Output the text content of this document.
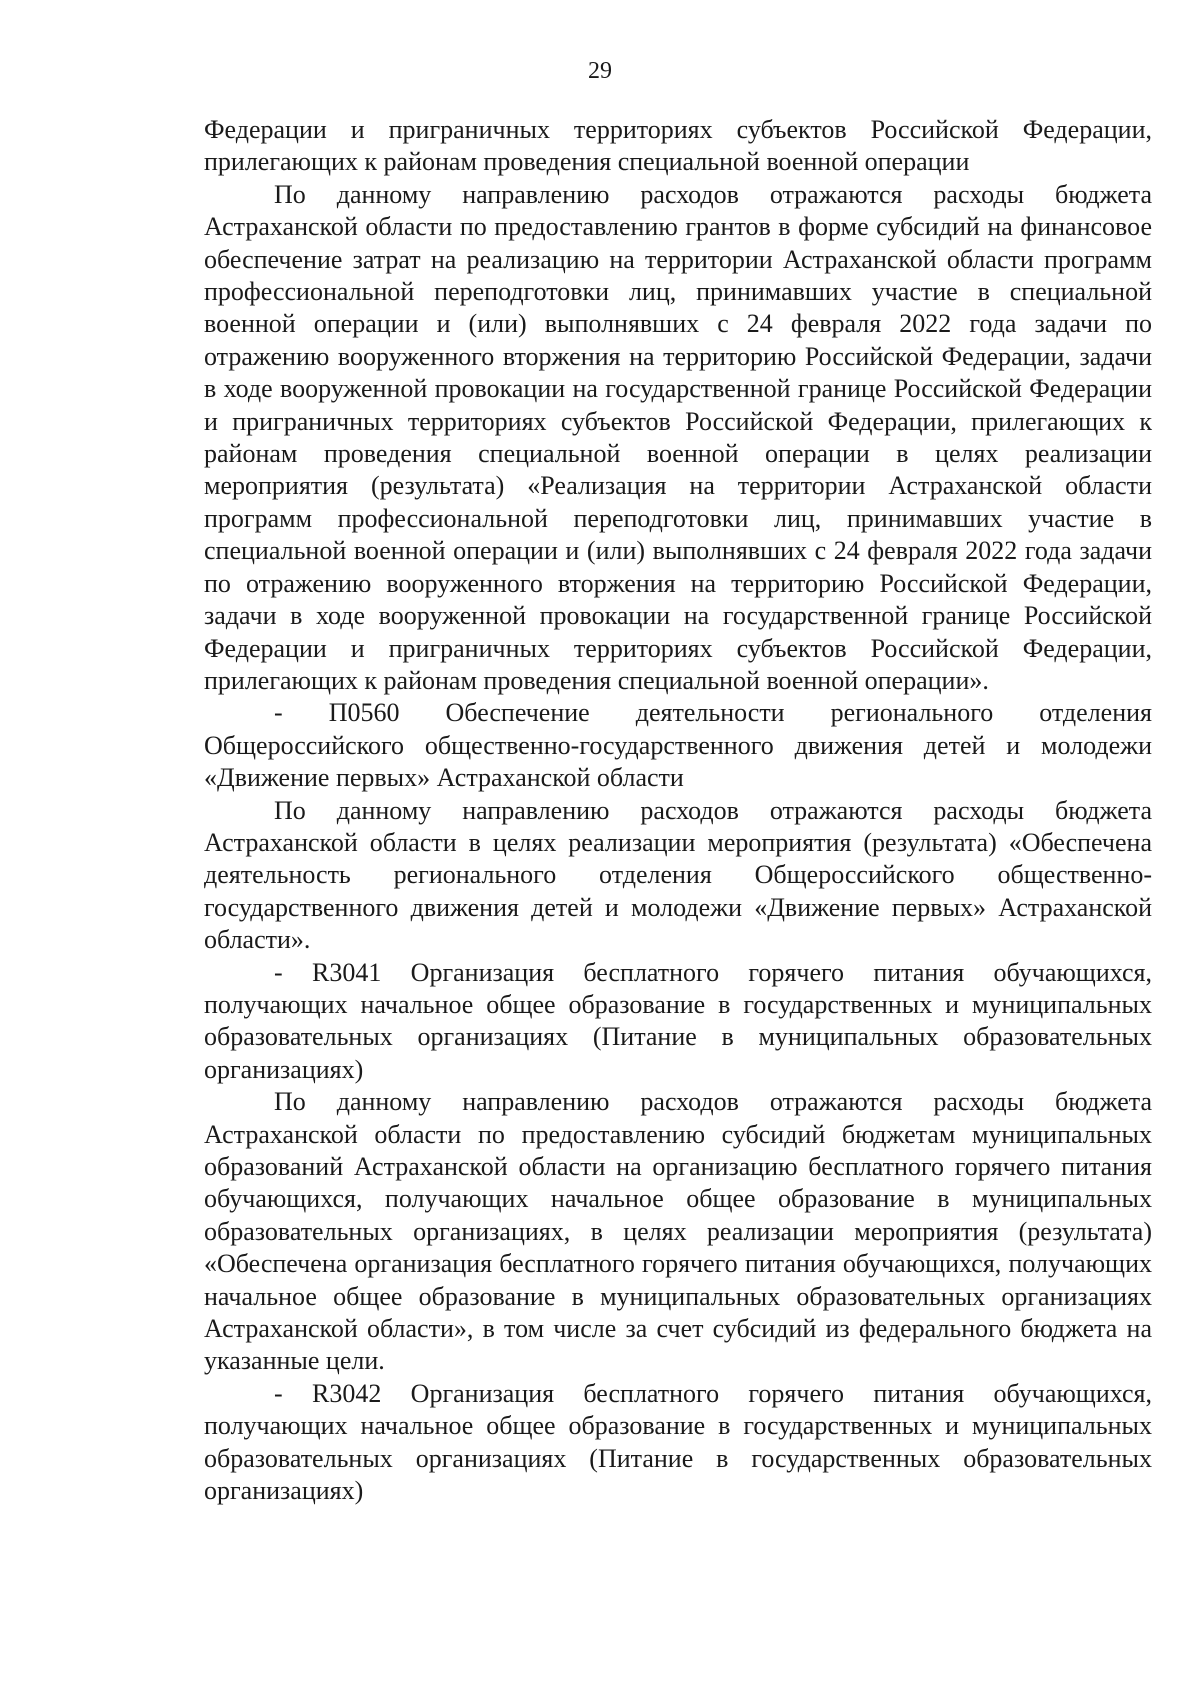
29

Федерации и приграничных территориях субъектов Российской Федерации, прилегающих к районам проведения специальной военной операции

По данному направлению расходов отражаются расходы бюджета Астраханской области по предоставлению грантов в форме субсидий на финансовое обеспечение затрат на реализацию на территории Астраханской области программ профессиональной переподготовки лиц, принимавших участие в специальной военной операции и (или) выполнявших с 24 февраля 2022 года задачи по отражению вооруженного вторжения на территорию Российской Федерации, задачи в ходе вооруженной провокации на государственной границе Российской Федерации и приграничных территориях субъектов Российской Федерации, прилегающих к районам проведения специальной военной операции в целях реализации мероприятия (результата) «Реализация на территории Астраханской области программ профессиональной переподготовки лиц, принимавших участие в специальной военной операции и (или) выполнявших с 24 февраля 2022 года задачи по отражению вооруженного вторжения на территорию Российской Федерации, задачи в ходе вооруженной провокации на государственной границе Российской Федерации и приграничных территориях субъектов Российской Федерации, прилегающих к районам проведения специальной военной операции».

- П0560 Обеспечение деятельности регионального отделения Общероссийского общественно-государственного движения детей и молодежи «Движение первых» Астраханской области

По данному направлению расходов отражаются расходы бюджета Астраханской области в целях реализации мероприятия (результата) «Обеспечена деятельность регионального отделения Общероссийского общественно-государственного движения детей и молодежи «Движение первых» Астраханской области».

- R3041 Организация бесплатного горячего питания обучающихся, получающих начальное общее образование в государственных и муниципальных образовательных организациях (Питание в муниципальных образовательных организациях)

По данному направлению расходов отражаются расходы бюджета Астраханской области по предоставлению субсидий бюджетам муниципальных образований Астраханской области на организацию бесплатного горячего питания обучающихся, получающих начальное общее образование в муниципальных образовательных организациях, в целях реализации мероприятия (результата) «Обеспечена организация бесплатного горячего питания обучающихся, получающих начальное общее образование в муниципальных образовательных организациях Астраханской области», в том числе за счет субсидий из федерального бюджета на указанные цели.

- R3042 Организация бесплатного горячего питания обучающихся, получающих начальное общее образование в государственных и муниципальных образовательных организациях (Питание в государственных образовательных организациях)
